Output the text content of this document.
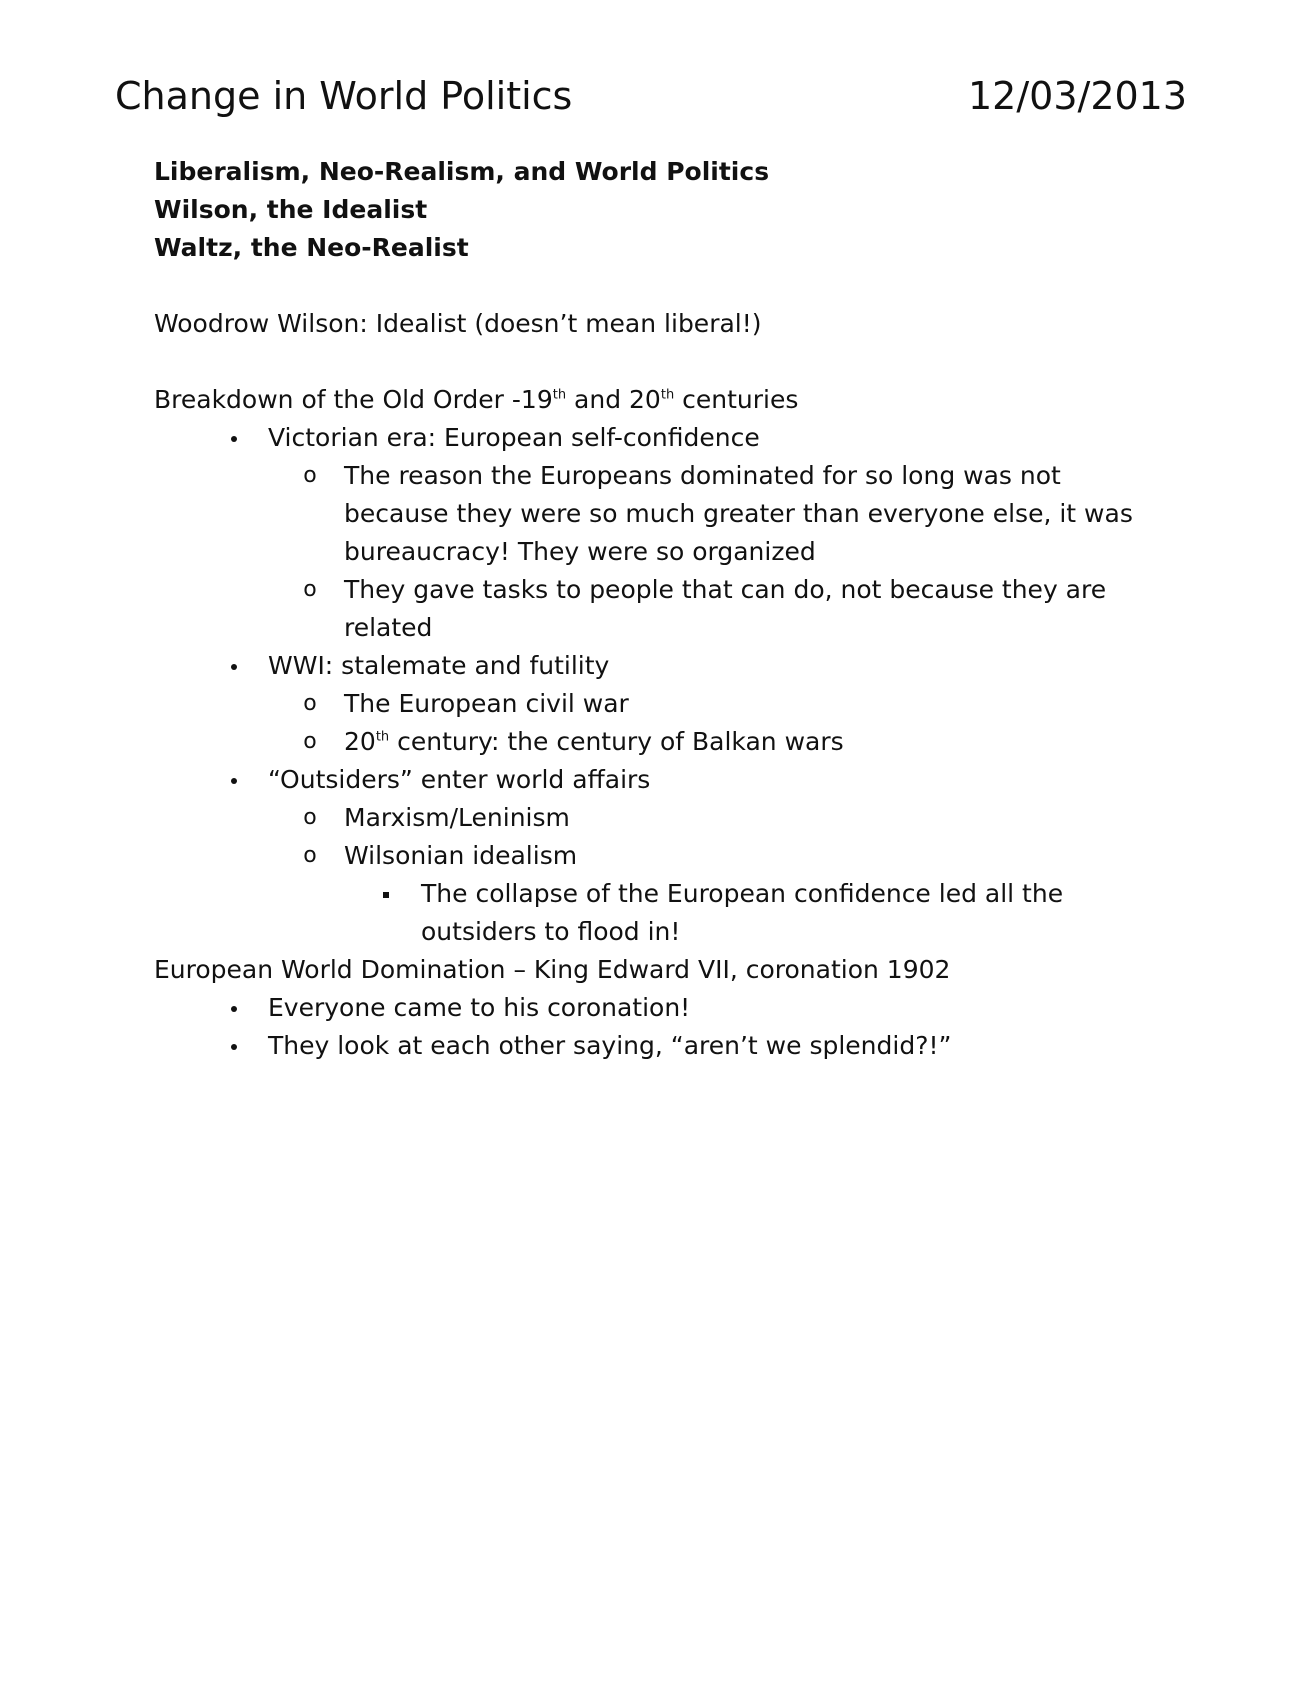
Change in World Politics	12/03/2013
Liberalism, Neo-Realism, and World Politics
Wilson, the Idealist
Waltz, the Neo-Realist

Woodrow Wilson: Idealist (doesn’t mean liberal!)

Breakdown of the Old Order -19th and 20th centuries

Victorian era: European self-confidence
o The reason the Europeans dominated for so long was not because they were so much greater than everyone else, it was bureaucracy! They were so organized
o They gave tasks to people that can do, not because they are related
WWI: stalemate and futility
o The European civil war
o 20th century: the century of Balkan wars
“Outsiders” enter world affairs
o Marxism/Leninism
o Wilsonian idealism
The collapse of the European confidence led all the outsiders to flood in!

European World Domination – King Edward VII, coronation 1902

Everyone came to his coronation!
They look at each other saying, “aren’t we splendid?!”
